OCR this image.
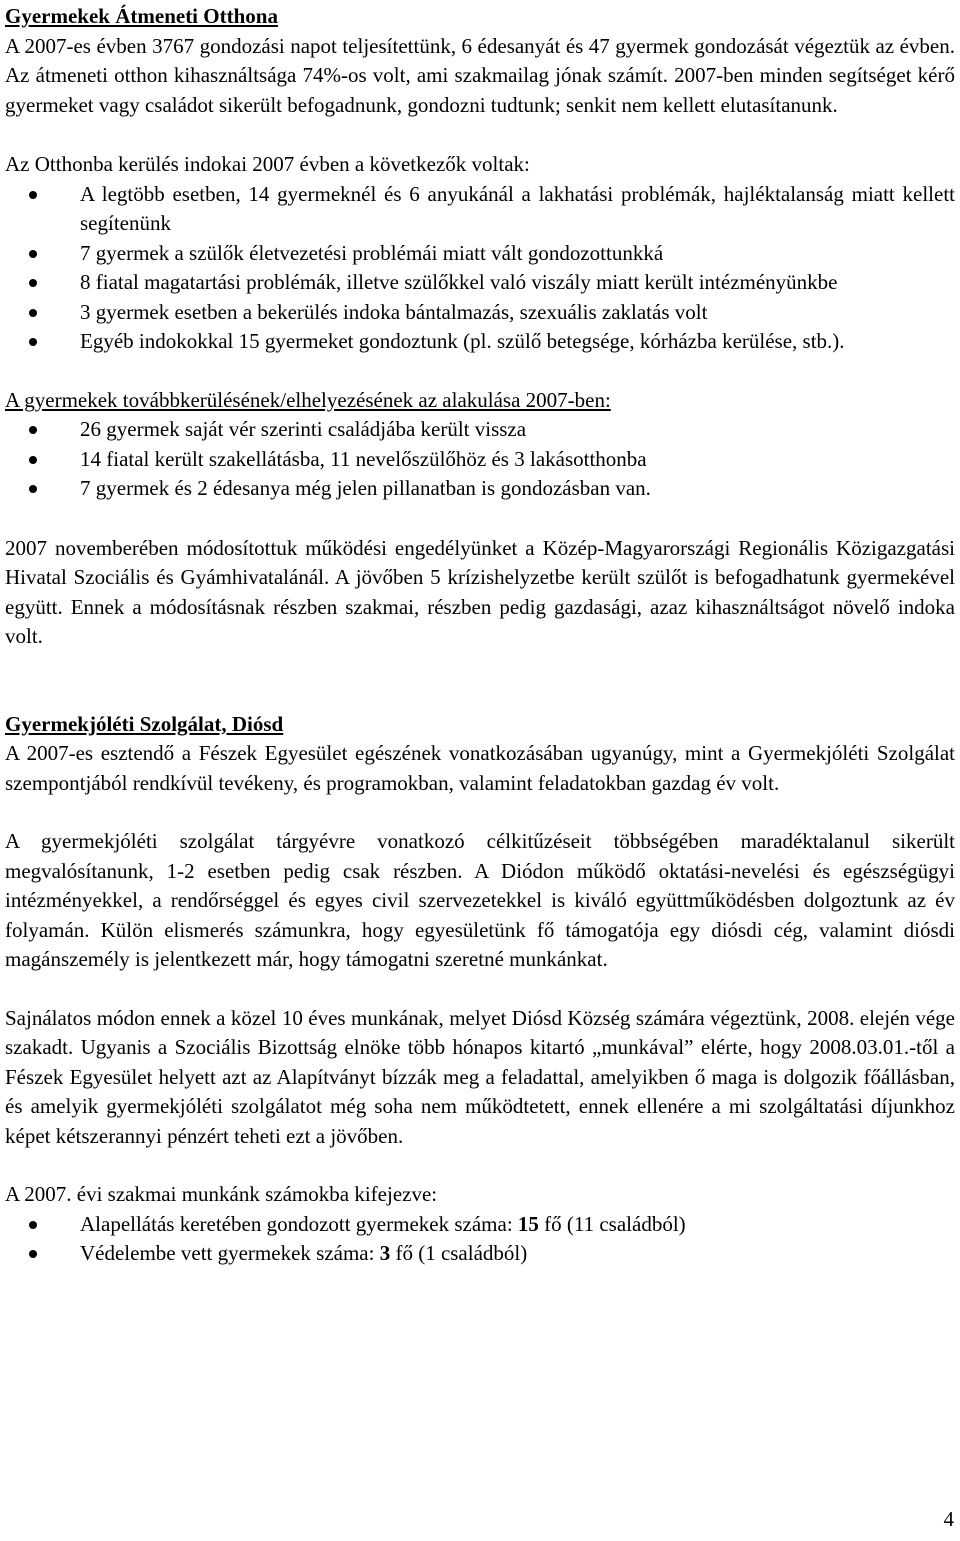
Gyermekek Átmeneti Otthona

A 2007-es évben 3767 gondozási napot teljesítettünk, 6 édesanyát és 47 gyermek gondozását végeztük az évben. Az átmeneti otthon kihasználtsága 74%-os volt, ami szakmailag jónak számít. 2007-ben minden segítséget kérő gyermeket vagy családot sikerült befogadnunk, gondozni tudtunk; senkit nem kellett elutasítanunk.

Az Otthonba kerülés indokai 2007 évben a következők voltak:

A legtöbb esetben, 14 gyermeknél és 6 anyukánál a lakhatási problémák, hajléktalanság miatt kellett segítenünk
7 gyermek a szülők életvezetési problémái miatt vált gondozottunkká
8 fiatal magatartási problémák, illetve szülőkkel való viszály miatt került intézményünkbe
3 gyermek esetben a bekerülés indoka bántalmazás, szexuális zaklatás volt
Egyéb indokokkal 15 gyermeket gondoztunk (pl. szülő betegsége, kórházba kerülése, stb.).

A gyermekek továbbkerülésének/elhelyezésének az alakulása 2007-ben:

26 gyermek saját vér szerinti családjába került vissza
14 fiatal került szakellátásba, 11 nevelőszülőhöz és 3 lakásotthonba
7 gyermek és 2 édesanya még jelen pillanatban is gondozásban van.

2007 novemberében módosítottuk működési engedélyünket a Közép-Magyarországi Regionális Közigazgatási Hivatal Szociális és Gyámhivatalánál. A jövőben 5 krízishelyzetbe került szülőt is befogadhatunk gyermekével együtt. Ennek a módosításnak részben szakmai, részben pedig gazdasági, azaz kihasználtságot növelő indoka volt.

Gyermekjóléti Szolgálat, Diósd

A 2007-es esztendő a Fészek Egyesület egészének vonatkozásában ugyanúgy, mint a Gyermekjóléti Szolgálat szempontjából rendkívül tevékeny, és programokban, valamint feladatokban gazdag év volt.

A gyermekjóléti szolgálat tárgyévre vonatkozó célkitűzéseit többségében maradéktalanul sikerült megvalósítanunk, 1-2 esetben pedig csak részben. A Diódon működő oktatási-nevelési és egészségügyi intézményekkel, a rendőrséggel és egyes civil szervezetekkel is kiváló együttműködésben dolgoztunk az év folyamán. Külön elismerés számunkra, hogy egyesületünk fő támogatója egy diósdi cég, valamint diósdi magánszemély is jelentkezett már, hogy támogatni szeretné munkánkat.

Sajnálatos módon ennek a közel 10 éves munkának, melyet Diósd Község számára végeztünk, 2008. elején vége szakadt. Ugyanis a Szociális Bizottság elnöke több hónapos kitartó „munkával” elérte, hogy 2008.03.01.-től a Fészek Egyesület helyett azt az Alapítványt bízzák meg a feladattal, amelyikben ő maga is dolgozik főállásban, és amelyik gyermekjóléti szolgálatot még soha nem működtetett, ennek ellenére a mi szolgáltatási díjunkhoz képet kétszerannyi pénzért teheti ezt a jövőben.

A 2007. évi szakmai munkánk számokba kifejezve:

Alapellátás keretében gondozott gyermekek száma: 15 fő (11 családból)
Védelembe vett gyermekek száma: 3 fő (1 családból)
4
